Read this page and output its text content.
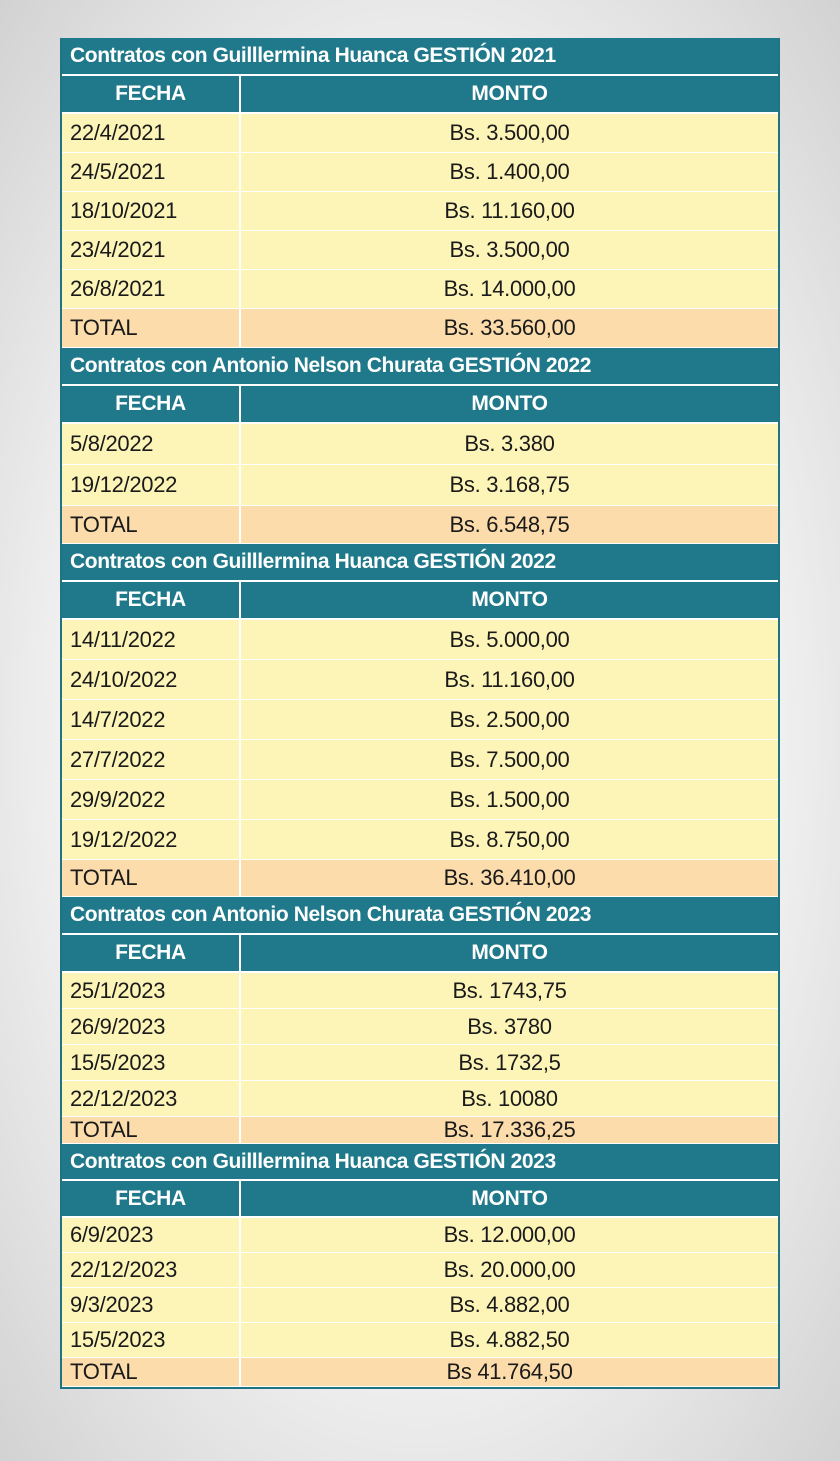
Contratos con Guilllermina Huanca GESTIÓN 2021
FECHA	MONTO
22/4/2021	Bs. 3.500,00
24/5/2021	Bs. 1.400,00
18/10/2021	Bs. 11.160,00
23/4/2021	Bs. 3.500,00
26/8/2021	Bs. 14.000,00
TOTAL	Bs. 33.560,00
Contratos con Antonio Nelson Churata GESTIÓN 2022
FECHA	MONTO
5/8/2022	Bs. 3.380
19/12/2022	Bs. 3.168,75
TOTAL	Bs. 6.548,75
Contratos con Guilllermina Huanca GESTIÓN 2022
FECHA	MONTO
14/11/2022	Bs. 5.000,00
24/10/2022	Bs. 11.160,00
14/7/2022	Bs. 2.500,00
27/7/2022	Bs. 7.500,00
29/9/2022	Bs. 1.500,00
19/12/2022	Bs. 8.750,00
TOTAL	Bs. 36.410,00
Contratos con Antonio Nelson Churata GESTIÓN 2023
FECHA	MONTO
25/1/2023	Bs. 1743,75
26/9/2023	Bs. 3780
15/5/2023	Bs. 1732,5
22/12/2023	Bs. 10080
TOTAL	Bs. 17.336,25
Contratos con Guilllermina Huanca GESTIÓN 2023
FECHA	MONTO
6/9/2023	Bs. 12.000,00
22/12/2023	Bs. 20.000,00
9/3/2023	Bs. 4.882,00
15/5/2023	Bs. 4.882,50
TOTAL	Bs 41.764,50
